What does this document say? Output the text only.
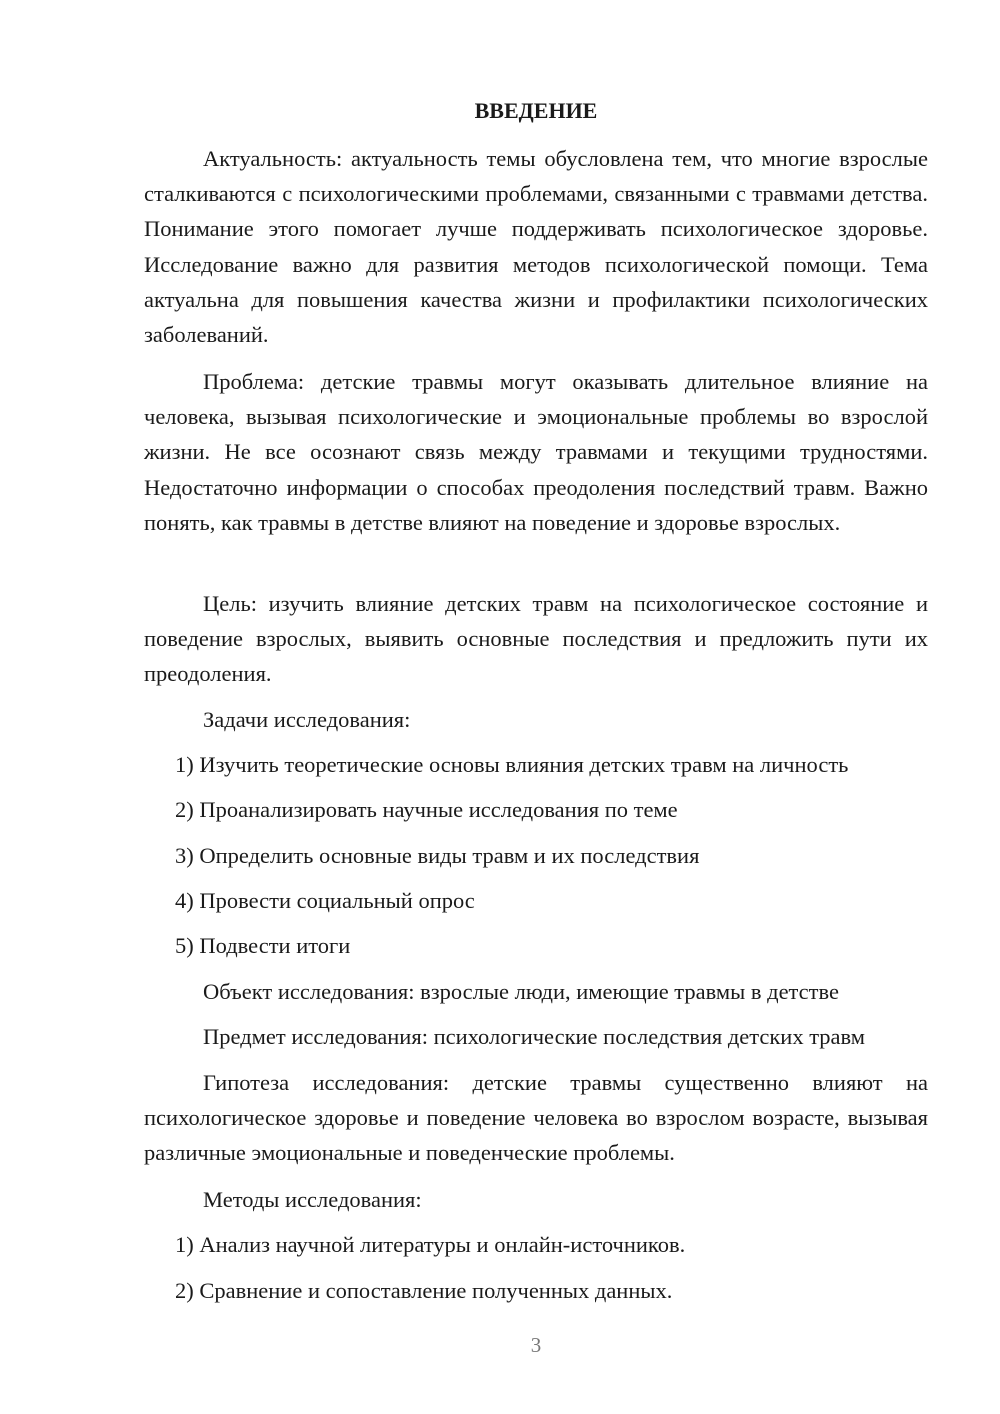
ВВЕДЕНИЕ

Актуальность: актуальность темы обусловлена тем, что многие взрослые сталкиваются с психологическими проблемами, связанными с травмами детства. Понимание этого помогает лучше поддерживать психологическое здоровье. Исследование важно для развития методов психологической помощи. Тема актуальна для повышения качества жизни и профилактики психологических заболеваний.

Проблема: детские травмы могут оказывать длительное влияние на человека, вызывая психологические и эмоциональные проблемы во взрослой жизни. Не все осознают связь между травмами и текущими трудностями. Недостаточно информации о способах преодоления последствий травм. Важно понять, как травмы в детстве влияют на поведение и здоровье взрослых.

Цель: изучить влияние детских травм на психологическое состояние и поведение взрослых, выявить основные последствия и предложить пути их преодоления.

Задачи исследования:
1) Изучить теоретические основы влияния детских травм на личность
2) Проанализировать научные исследования по теме
3) Определить основные виды травм и их последствия
4) Провести социальный опрос
5) Подвести итоги
Объект исследования: взрослые люди, имеющие травмы в детстве
Предмет исследования: психологические последствия детских травм

Гипотеза исследования: детские травмы существенно влияют на психологическое здоровье и поведение человека во взрослом возрасте, вызывая различные эмоциональные и поведенческие проблемы.

Методы исследования:
1) Анализ научной литературы и онлайн-источников.
2) Сравнение и сопоставление полученных данных.
3
